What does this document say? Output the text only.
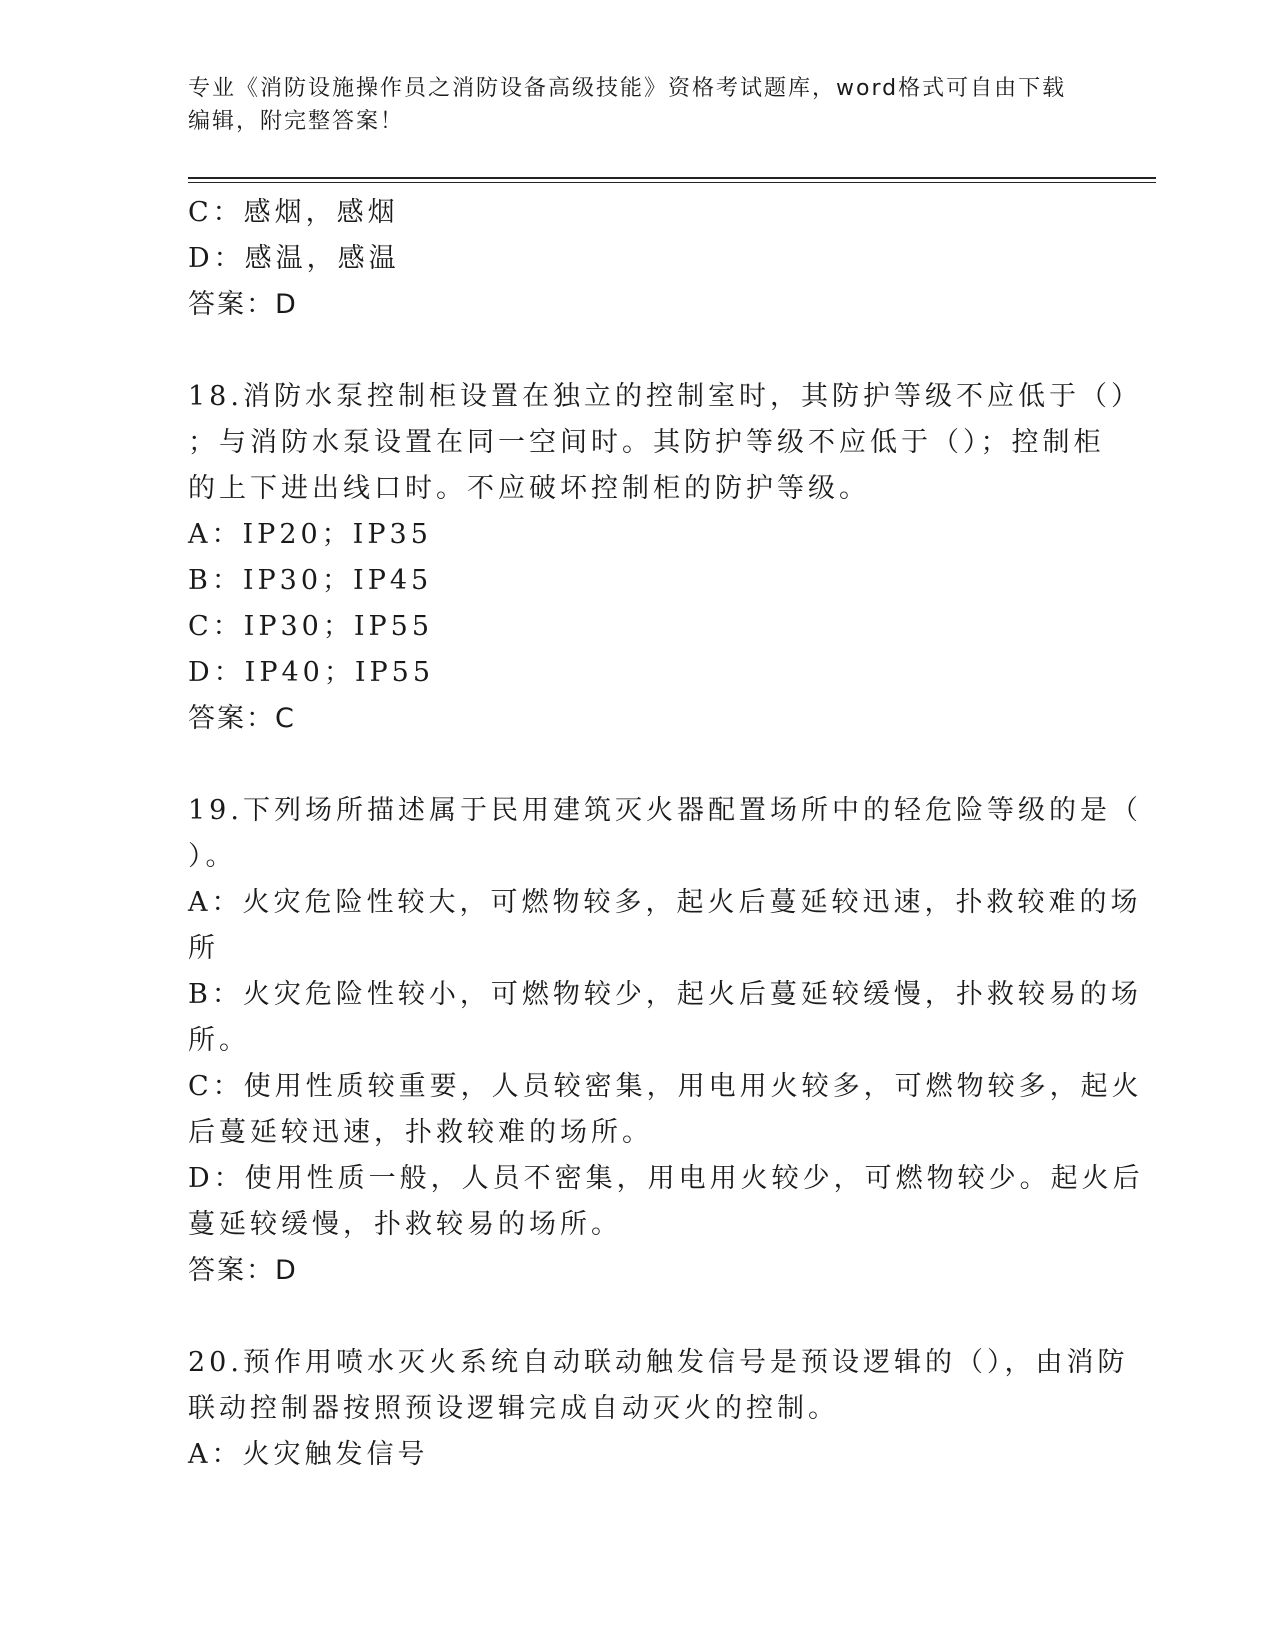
专业《消防设施操作员之消防设备高级技能》资格考试题库，word格式可自由下载编辑，附完整答案！
C：感烟，感烟
D：感温，感温
答案：D
18.消防水泵控制柜设置在独立的控制室时，其防护等级不应低于（）
；与消防水泵设置在同一空间时。其防护等级不应低于（）；控制柜
的上下进出线口时。不应破坏控制柜的防护等级。
A：IP20；IP35
B：IP30；IP45
C：IP30；IP55
D：IP40；IP55
答案：C
19.下列场所描述属于民用建筑灭火器配置场所中的轻危险等级的是（
）。
A：火灾危险性较大，可燃物较多，起火后蔓延较迅速，扑救较难的场
所
B：火灾危险性较小，可燃物较少，起火后蔓延较缓慢，扑救较易的场
所。
C：使用性质较重要，人员较密集，用电用火较多，可燃物较多，起火
后蔓延较迅速，扑救较难的场所。
D：使用性质一般，人员不密集，用电用火较少，可燃物较少。起火后
蔓延较缓慢，扑救较易的场所。
答案：D
20.预作用喷水灭火系统自动联动触发信号是预设逻辑的（），由消防
联动控制器按照预设逻辑完成自动灭火的控制。
A：火灾触发信号
